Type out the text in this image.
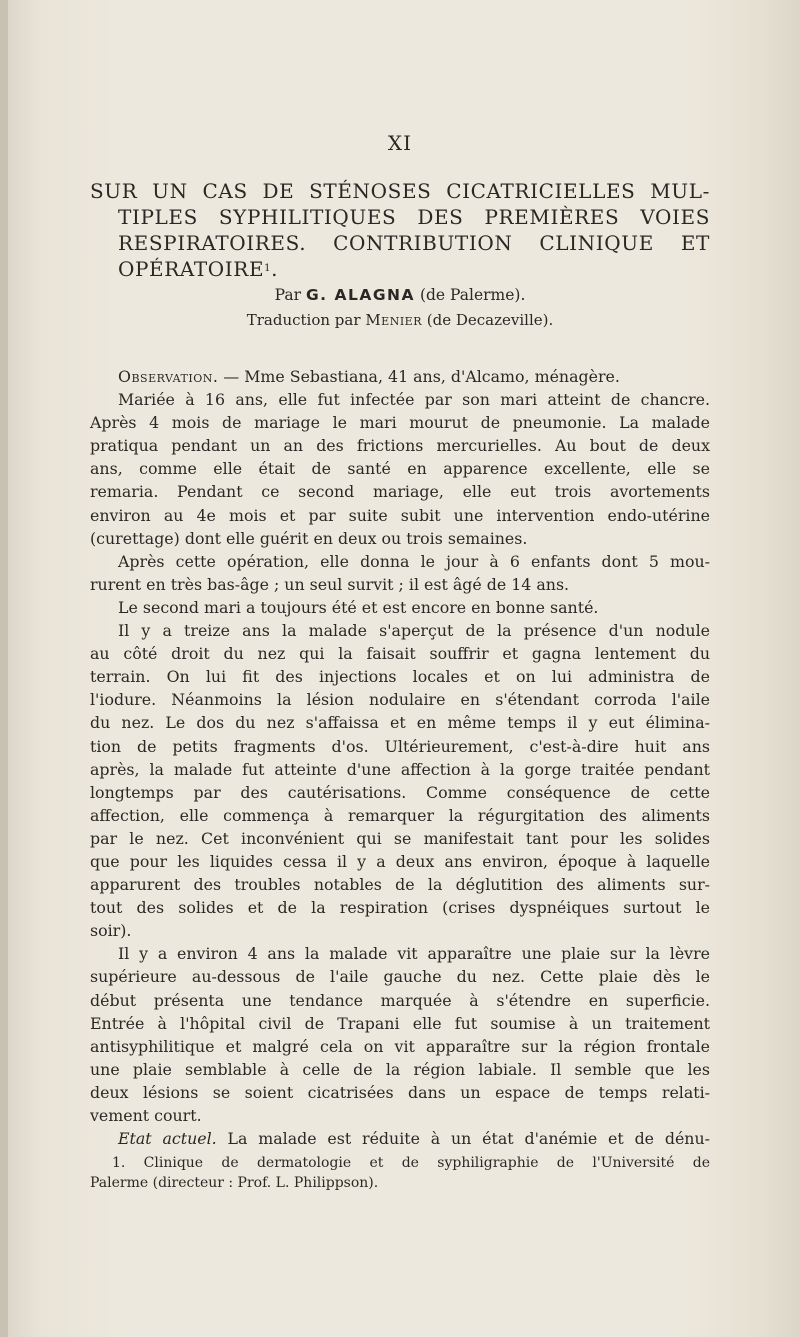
XI
SUR UN CAS DE STÉNOSES CICATRICIELLES MUL-
TIPLES SYPHILITIQUES DES PREMIÈRES VOIES
RESPIRATOIRES. CONTRIBUTION CLINIQUE ET
OPÉRATOIRE$^1$.
Par G. ALAGNA (de Palerme).
Traduction par Menier (de Decazeville).
Observation. — Mme Sebastiana, 41 ans, d'Alcamo, ménagère.
Mariée à 16 ans, elle fut infectée par son mari atteint de chancre.
Après 4 mois de mariage le mari mourut de pneumonie. La malade
pratiqua pendant un an des frictions mercurielles. Au bout de deux
ans, comme elle était de santé en apparence excellente, elle se
remaria. Pendant ce second mariage, elle eut trois avortements
environ au 4e mois et par suite subit une intervention endo-utérine
(curettage) dont elle guérit en deux ou trois semaines.
Après cette opération, elle donna le jour à 6 enfants dont 5 mou-
rurent en très bas-âge ; un seul survit ; il est âgé de 14 ans.
Le second mari a toujours été et est encore en bonne santé.
Il y a treize ans la malade s'aperçut de la présence d'un nodule
au côté droit du nez qui la faisait souffrir et gagna lentement du
terrain. On lui fit des injections locales et on lui administra de
l'iodure. Néanmoins la lésion nodulaire en s'étendant corroda l'aile
du nez. Le dos du nez s'affaissa et en même temps il y eut élimina-
tion de petits fragments d'os. Ultérieurement, c'est-à-dire huit ans
après, la malade fut atteinte d'une affection à la gorge traitée pendant
longtemps par des cautérisations. Comme conséquence de cette
affection, elle commença à remarquer la régurgitation des aliments
par le nez. Cet inconvénient qui se manifestait tant pour les solides
que pour les liquides cessa il y a deux ans environ, époque à laquelle
apparurent des troubles notables de la déglutition des aliments sur-
tout des solides et de la respiration (crises dyspnéiques surtout le
soir).
Il y a environ 4 ans la malade vit apparaître une plaie sur la lèvre
supérieure au-dessous de l'aile gauche du nez. Cette plaie dès le
début présenta une tendance marquée à s'étendre en superficie.
Entrée à l'hôpital civil de Trapani elle fut soumise à un traitement
antisyphilitique et malgré cela on vit apparaître sur la région frontale
une plaie semblable à celle de la région labiale. Il semble que les
deux lésions se soient cicatrisées dans un espace de temps relati-
vement court.
Etat actuel. La malade est réduite à un état d'anémie et de dénu-
1. Clinique de dermatologie et de syphiligraphie de l'Université de
Palerme (directeur : Prof. L. Philippson).
